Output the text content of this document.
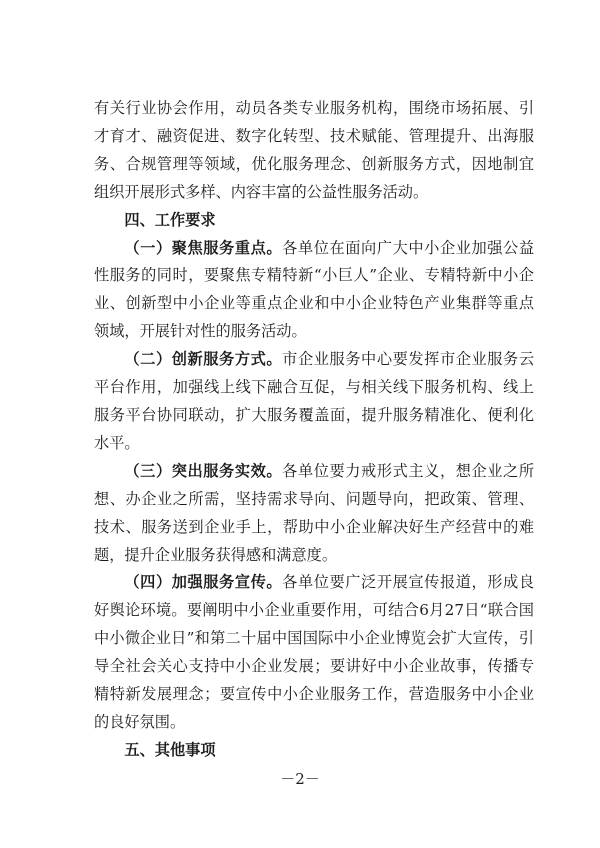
有关行业协会作用，动员各类专业服务机构，围绕市场拓展、引才育才、融资促进、数字化转型、技术赋能、管理提升、出海服务、合规管理等领域，优化服务理念、创新服务方式，因地制宜组织开展形式多样、内容丰富的公益性服务活动。

四、工作要求

（一）聚焦服务重点。各单位在面向广大中小企业加强公益性服务的同时，要聚焦专精特新“小巨人”企业、专精特新中小企业、创新型中小企业等重点企业和中小企业特色产业集群等重点领域，开展针对性的服务活动。

（二）创新服务方式。市企业服务中心要发挥市企业服务云平台作用，加强线上线下融合互促，与相关线下服务机构、线上服务平台协同联动，扩大服务覆盖面，提升服务精准化、便利化水平。

（三）突出服务实效。各单位要力戒形式主义，想企业之所想、办企业之所需，坚持需求导向、问题导向，把政策、管理、技术、服务送到企业手上，帮助中小企业解决好生产经营中的难题，提升企业服务获得感和满意度。

（四）加强服务宣传。各单位要广泛开展宣传报道，形成良好舆论环境。要阐明中小企业重要作用，可结合6月27日“联合国中小微企业日”和第二十届中国国际中小企业博览会扩大宣传，引导全社会关心支持中小企业发展；要讲好中小企业故事，传播专精特新发展理念；要宣传中小企业服务工作，营造服务中小企业的良好氛围。

五、其他事项

－2－
